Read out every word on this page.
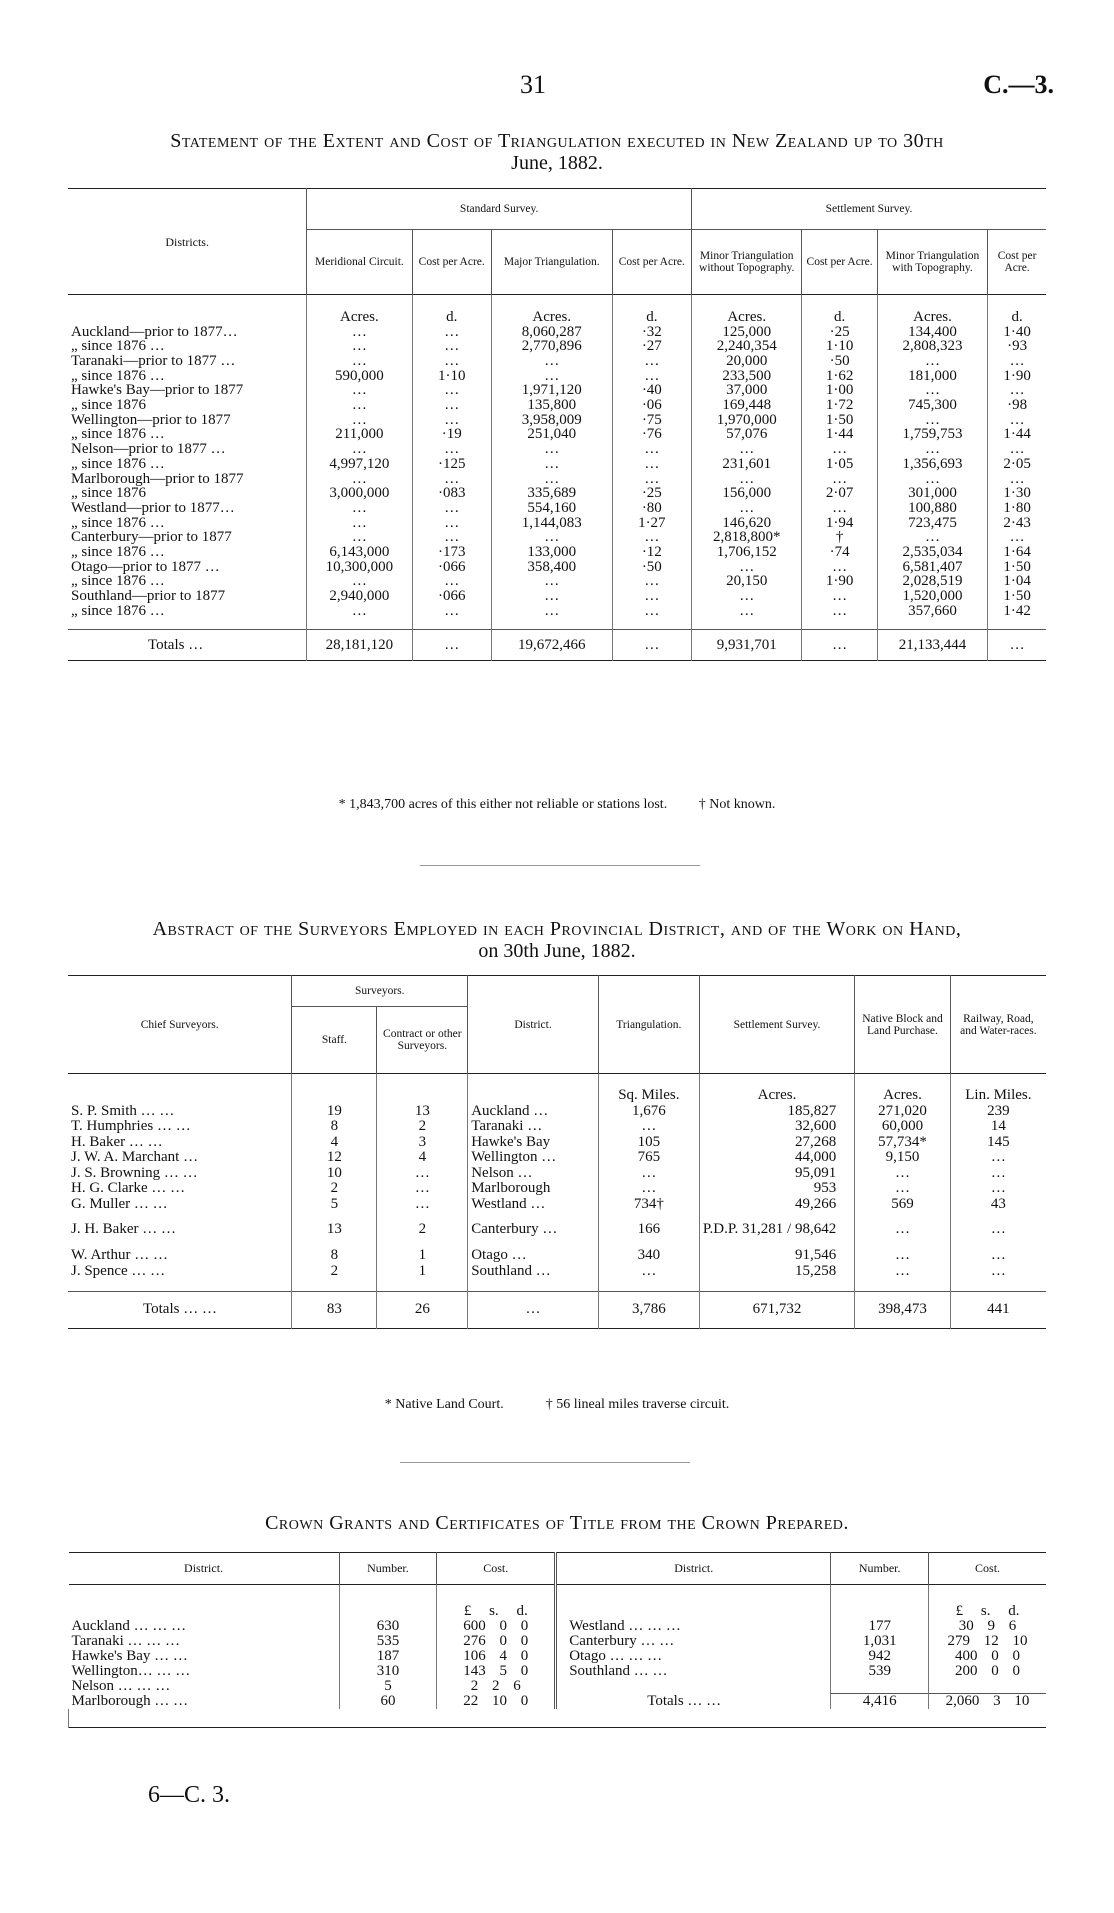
31	C.—3.
Statement of the Extent and Cost of Triangulation executed in New Zealand up to 30th
June, 1882.
Districts.	Standard Survey.				Settlement Survey.			
	Meridional Circuit.	Cost per Acre.	Major Triangulation.	Cost per Acre.	Minor Triangulation without Topography.	Cost per Acre.	Minor Triangulation with Topography.	Cost per Acre.
	Acres.	d.	Acres.	d.	Acres.	d.	Acres.	d.
Auckland—prior to 1877…	…	…	8,060,287	·32	125,000	·25	134,400	1·40
„ since 1876 …	…	…	2,770,896	·27	2,240,354	1·10	2,808,323	·93
Taranaki—prior to 1877 …	…	…	…	…	20,000	·50	…	…
„ since 1876 …	590,000	1·10	…	…	233,500	1·62	181,000	1·90
Hawke's Bay—prior to 1877	…	…	1,971,120	·40	37,000	1·00	…	…
„ since 1876	…	…	135,800	·06	169,448	1·72	745,300	·98
Wellington—prior to 1877	…	…	3,958,009	·75	1,970,000	1·50	…	…
„ since 1876 …	211,000	·19	251,040	·76	57,076	1·44	1,759,753	1·44
Nelson—prior to 1877 …	…	…	…	…	…	…	…	…
„ since 1876 …	4,997,120	·125	…	…	231,601	1·05	1,356,693	2·05
Marlborough—prior to 1877	…	…	…	…	…	…	…	…
„ since 1876	3,000,000	·083	335,689	·25	156,000	2·07	301,000	1·30
Westland—prior to 1877…	…	…	554,160	·80	…	…	100,880	1·80
„ since 1876 …	…	…	1,144,083	1·27	146,620	1·94	723,475	2·43
Canterbury—prior to 1877	…	…	…	…	2,818,800*	†	…	…
„ since 1876 …	6,143,000	·173	133,000	·12	1,706,152	·74	2,535,034	1·64
Otago—prior to 1877 …	10,300,000	·066	358,400	·50	…	…	6,581,407	1·50
„ since 1876 …	…	…	…	…	20,150	1·90	2,028,519	1·04
Southland—prior to 1877	2,940,000	·066	…	…	…	…	1,520,000	1·50
„ since 1876 …	…	…	…	…	…	…	357,660	1·42

Totals …	28,181,120	…	19,672,466	…	9,931,701	…	21,133,444	…
* 1,843,700 acres of this either not reliable or stations lost. † Not known.
Abstract of the Surveyors Employed in each Provincial District, and of the Work on Hand,
on 30th June, 1882.
Chief Surveyors.	Surveyors.		District.	Triangulation.	Settlement Survey.	Native Block and Land Purchase.	Railway, Road, and Water-races.
	Staff.	Contract or other Surveyors.					
				Sq. Miles.	Acres.	Acres.	Lin. Miles.
S. P. Smith … …	19	13	Auckland …	1,676	185,827	271,020	239
T. Humphries … …	8	2	Taranaki …	…	32,600	60,000	14
H. Baker … …	4	3	Hawke's Bay	105	27,268	57,734*	145
J. W. A. Marchant …	12	4	Wellington …	765	44,000	9,150	…
J. S. Browning … …	10	…	Nelson …	…	95,091	…	…
H. G. Clarke … …	2	…	Marlborough	…	953	…	…
G. Muller … …	5	…	Westland …	734†	49,266	569	43
J. H. Baker … …	13	2	Canterbury …	166	P.D.P. 31,281 / 98,642	…	…
W. Arthur … …	8	1	Otago …	340	91,546	…	…
J. Spence … …	2	1	Southland …	…	15,258	…	…

Totals … …	83	26	…	3,786	671,732	398,473	441
* Native Land Court.	† 56 lineal miles traverse circuit.
Crown Grants and Certificates of Title from the Crown Prepared.
District.	Number.	Cost.	District.	Number.	Cost.
		£ s. d.			£ s. d.
Auckland … … …	630	600 0 0	Westland … … …	177	30 9 6
Taranaki … … …	535	276 0 0	Canterbury … …	1,031	279 12 10
Hawke's Bay … …	187	106 4 0	Otago … … …	942	400 0 0
Wellington… … …	310	143 5 0	Southland … …	539	200 0 0
Nelson … … …	5	2 2 6			
Marlborough … …	60	22 10 0	Totals … …	4,416	2,060 3 10

6—C. 3.
